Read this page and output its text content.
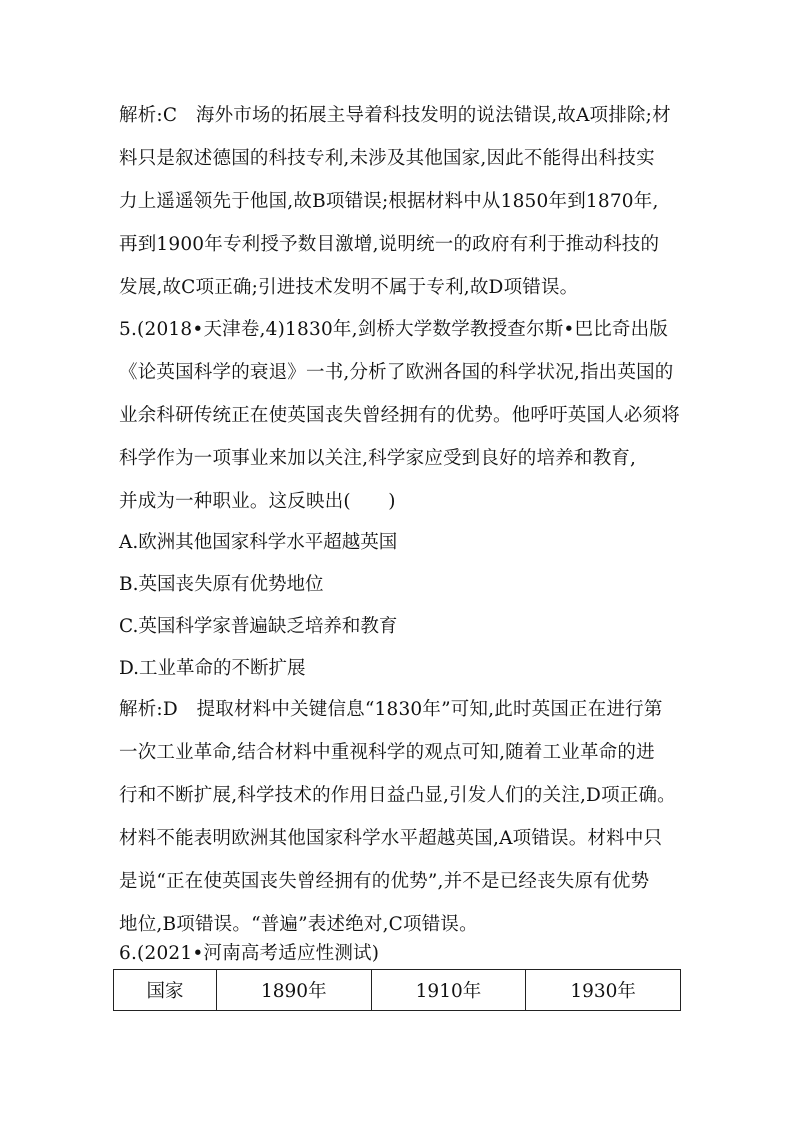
解析:C　海外市场的拓展主导着科技发明的说法错误,故A项排除;材
料只是叙述德国的科技专利,未涉及其他国家,因此不能得出科技实
力上遥遥领先于他国,故B项错误;根据材料中从1850年到1870年,
再到1900年专利授予数目激增,说明统一的政府有利于推动科技的
发展,故C项正确;引进技术发明不属于专利,故D项错误。
5.(2018•天津卷,4)1830年,剑桥大学数学教授查尔斯•巴比奇出版
《论英国科学的衰退》一书,分析了欧洲各国的科学状况,指出英国的
业余科研传统正在使英国丧失曾经拥有的优势。他呼吁英国人必须将
科学作为一项事业来加以关注,科学家应受到良好的培养和教育,
并成为一种职业。这反映出(　　)
A.欧洲其他国家科学水平超越英国
B.英国丧失原有优势地位
C.英国科学家普遍缺乏培养和教育
D.工业革命的不断扩展
解析:D　提取材料中关键信息“1830年”可知,此时英国正在进行第
一次工业革命,结合材料中重视科学的观点可知,随着工业革命的进
行和不断扩展,科学技术的作用日益凸显,引发人们的关注,D项正确。
材料不能表明欧洲其他国家科学水平超越英国,A项错误。材料中只
是说“正在使英国丧失曾经拥有的优势”,并不是已经丧失原有优势
地位,B项错误。“普遍”表述绝对,C项错误。
6.(2021•河南高考适应性测试)
国家	1890年	1910年	1930年
